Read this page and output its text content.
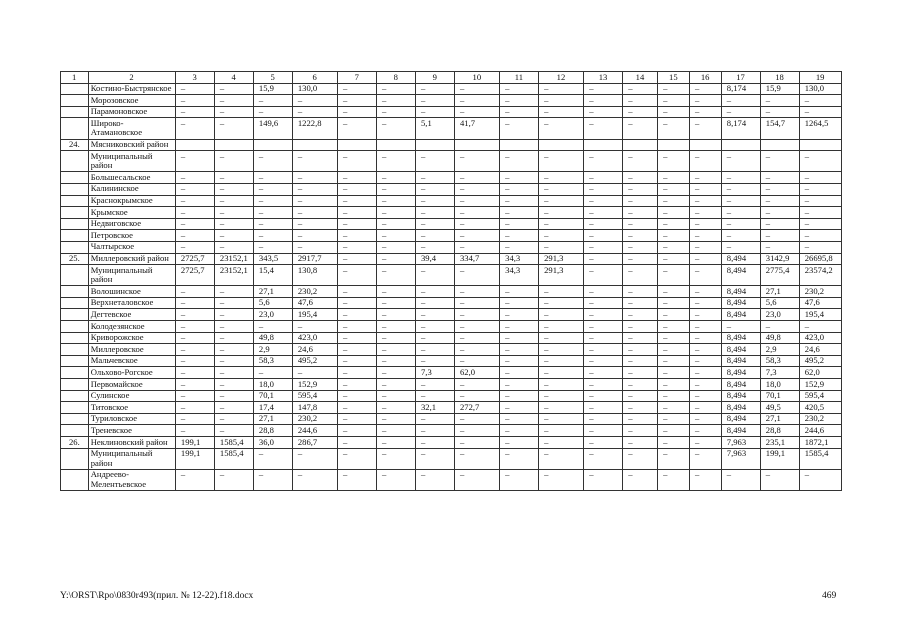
1	2	3	4	5	6	7	8	9	10	11	12	13	14	15	16	17	18	19
	Костино-Быстрянское	–	–	15,9	130,0	–	–	–	–	–	–	–	–	–	–	8,174	15,9	130,0
	Морозовское	–	–	–	–	–	–	–	–	–	–	–	–	–	–	–	–	–
	Парамоновское	–	–	–	–	–	–	–	–	–	–	–	–	–	–	–	–	–
	Широко-Атамановское	–	–	149,6	1222,8	–	–	5,1	41,7	–	–	–	–	–	–	8,174	154,7	1264,5
24.	Мясниковский район																	
	Муниципальный район	–	–	–	–	–	–	–	–	–	–	–	–	–	–	–	–	–
	Большесальское	–	–	–	–	–	–	–	–	–	–	–	–	–	–	–	–	–
	Калининское	–	–	–	–	–	–	–	–	–	–	–	–	–	–	–	–	–
	Краснокрымское	–	–	–	–	–	–	–	–	–	–	–	–	–	–	–	–	–
	Крымское	–	–	–	–	–	–	–	–	–	–	–	–	–	–	–	–	–
	Недвиговское	–	–	–	–	–	–	–	–	–	–	–	–	–	–	–	–	–
	Петровское	–	–	–	–	–	–	–	–	–	–	–	–	–	–	–	–	–
	Чалтырское	–	–	–	–	–	–	–	–	–	–	–	–	–	–	–	–	–
25.	Миллеровский район	2725,7	23152,1	343,5	2917,7	–	–	39,4	334,7	34,3	291,3	–	–	–	–	8,494	3142,9	26695,8
	Муниципальный район	2725,7	23152,1	15,4	130,8	–	–	–	–	34,3	291,3	–	–	–	–	8,494	2775,4	23574,2
	Волошинское	–	–	27,1	230,2	–	–	–	–	–	–	–	–	–	–	8,494	27,1	230,2
	Верхнеталовское	–	–	5,6	47,6	–	–	–	–	–	–	–	–	–	–	8,494	5,6	47,6
	Дегтевское	–	–	23,0	195,4	–	–	–	–	–	–	–	–	–	–	8,494	23,0	195,4
	Колодезянское	–	–	–	–	–	–	–	–	–	–	–	–	–	–	–	–	–
	Криворожское	–	–	49,8	423,0	–	–	–	–	–	–	–	–	–	–	8,494	49,8	423,0
	Миллеровское	–	–	2,9	24,6	–	–	–	–	–	–	–	–	–	–	8,494	2,9	24,6
	Мальчевское	–	–	58,3	495,2	–	–	–	–	–	–	–	–	–	–	8,494	58,3	495,2
	Ольхово-Рогское	–	–	–	–	–	–	7,3	62,0	–	–	–	–	–	–	8,494	7,3	62,0
	Первомайское	–	–	18,0	152,9	–	–	–	–	–	–	–	–	–	–	8,494	18,0	152,9
	Сулинское	–	–	70,1	595,4	–	–	–	–	–	–	–	–	–	–	8,494	70,1	595,4
	Титовское	–	–	17,4	147,8	–	–	32,1	272,7	–	–	–	–	–	–	8,494	49,5	420,5
	Туриловское	–	–	27,1	230,2	–	–	–	–	–	–	–	–	–	–	8,494	27,1	230,2
	Треневское	–	–	28,8	244,6	–	–	–	–	–	–	–	–	–	–	8,494	28,8	244,6
26.	Неклиновский район	199,1	1585,4	36,0	286,7	–	–	–	–	–	–	–	–	–	–	7,963	235,1	1872,1
	Муниципальный район	199,1	1585,4	–	–	–	–	–	–	–	–	–	–	–	–	7,963	199,1	1585,4
	Андреево-Мелентьевское	–	–	–	–	–	–	–	–	–	–	–	–	–	–	–	–	–
Y:\ORST\Rpo\0830r493(прил. № 12-22).f18.docx	469
